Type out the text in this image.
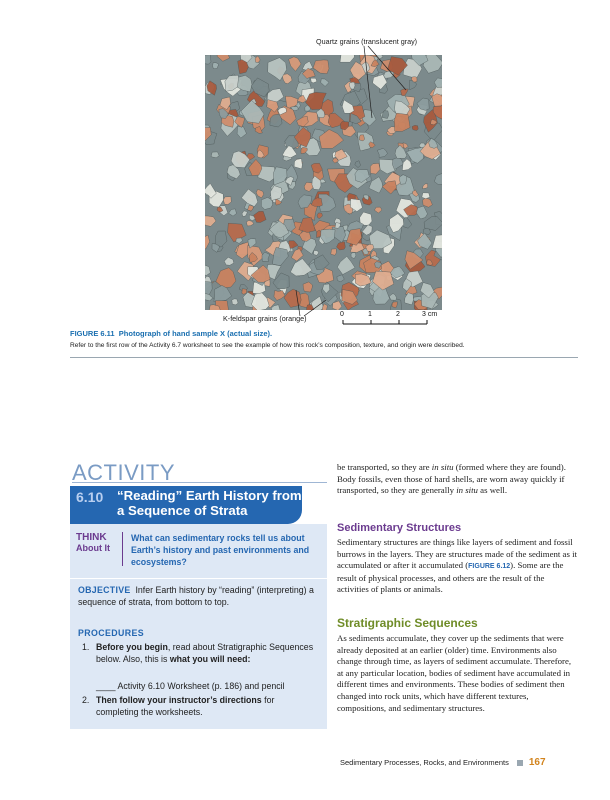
Quartz grains (translucent gray)
K-feldspar grains (orange)	0	1	2	3 cm
FIGURE 6.11 Photograph of hand sample X (actual size).
Refer to the first row of the Activity 6.7 worksheet to see the example of how this rock’s composition, texture, and origin were described.
ACTIVITY
6.10 “Reading” Earth History from a Sequence of Strata
THINK
About It
What can sedimentary rocks tell us about Earth’s history and past environments and ecosystems?
OBJECTIVE Infer Earth history by “reading” (interpreting) a sequence of strata, from bottom to top.
PROCEDURES
1. Before you begin, read about Stratigraphic Sequences below. Also, this is what you will need:
____ Activity 6.10 Worksheet (p. 186) and pencil
2. Then follow your instructor’s directions for completing the worksheets.
be transported, so they are in situ (formed where they are found). Body fossils, even those of hard shells, are worn away quickly if transported, so they are generally in situ as well.
Sedimentary Structures
Sedimentary structures are things like layers of sediment and fossil burrows in the layers. They are structures made of the sediment as it accumulated or after it accumulated (FIGURE 6.12). Some are the result of physical processes, and others are the result of the activities of plants or animals.
Stratigraphic Sequences
As sediments accumulate, they cover up the sediments that were already deposited at an earlier (older) time. Environments also change through time, as layers of sediment accumulate. Therefore, at any particular location, bodies of sediment have accumulated in different times and environments. These bodies of sediment then changed into rock units, which have different textures, compositions, and sedimentary structures.
Sedimentary Processes, Rocks, and Environments 167
